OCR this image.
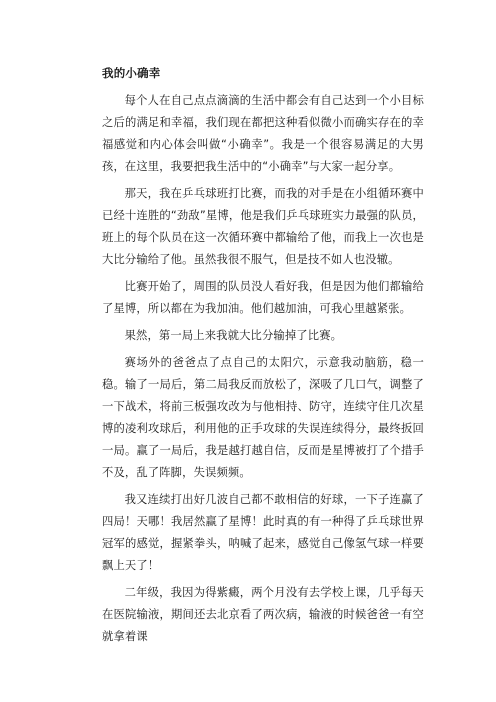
我的小确幸

每个人在自己点点滴滴的生活中都会有自己达到一个小目标之后的满足和幸福，我们现在都把这种看似微小而确实存在的幸福感觉和内心体会叫做“小确幸”。我是一个很容易满足的大男孩，在这里，我要把我生活中的“小确幸”与大家一起分享。

那天，我在乒乓球班打比赛，而我的对手是在小组循环赛中已经十连胜的“劲敌”星博，他是我们乒乓球班实力最强的队员，班上的每个队员在这一次循环赛中都输给了他，而我上一次也是大比分输给了他。虽然我很不服气，但是技不如人也没辙。

比赛开始了，周围的队员没人看好我，但是因为他们都输给了星博，所以都在为我加油。他们越加油，可我心里越紧张。

果然，第一局上来我就大比分输掉了比赛。

赛场外的爸爸点了点自己的太阳穴，示意我动脑筋，稳一稳。输了一局后，第二局我反而放松了，深吸了几口气，调整了一下战术，将前三板强攻改为与他相持、防守，连续守住几次星博的凌利攻球后，利用他的正手攻球的失误连续得分，最终扳回一局。赢了一局后，我是越打越自信，反而是星博被打了个措手不及，乱了阵脚，失误频频。

我又连续打出好几波自己都不敢相信的好球，一下子连赢了四局！天哪！我居然赢了星博！此时真的有一种得了乒乓球世界冠军的感觉，握紧拳头，呐喊了起来，感觉自己像氢气球一样要飘上天了！

二年级，我因为得紫癜，两个月没有去学校上课，几乎每天在医院输液，期间还去北京看了两次病，输液的时候爸爸一有空就拿着课
